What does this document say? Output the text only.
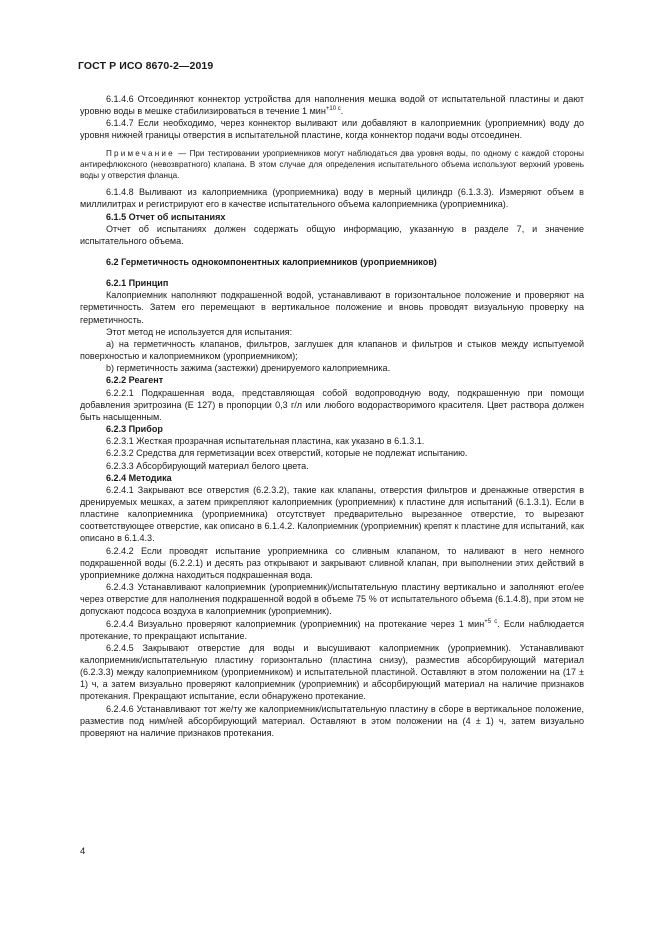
ГОСТ Р ИСО 8670-2—2019

6.1.4.6 Отсоединяют коннектор устройства для наполнения мешка водой от испытательной пластины и дают уровню воды в мешке стабилизироваться в течение 1 мин$^{+10 с}$.

6.1.4.7 Если необходимо, через коннектор выливают или добавляют в калоприемник (уроприемник) воду до уровня нижней границы отверстия в испытательной пластине, когда коннектор подачи воды отсоединен.

Примечание — При тестировании уроприемников могут наблюдаться два уровня воды, по одному с каждой стороны антирефлюксного (невозвратного) клапана. В этом случае для определения испытательного объема используют верхний уровень воды у отверстия фланца.

6.1.4.8 Выливают из калоприемника (уроприемника) воду в мерный цилиндр (6.1.3.3). Измеряют объем в миллилитрах и регистрируют его в качестве испытательного объема калоприемника (уроприемника).

6.1.5 Отчет об испытаниях

Отчет об испытаниях должен содержать общую информацию, указанную в разделе 7, и значение испытательного объема.

6.2 Герметичность однокомпонентных калоприемников (уроприемников)

6.2.1 Принцип

Калоприемник наполняют подкрашенной водой, устанавливают в горизонтальное положение и проверяют на герметичность. Затем его перемещают в вертикальное положение и вновь проводят визуальную проверку на герметичность.

Этот метод не используется для испытания:

а) на герметичность клапанов, фильтров, заглушек для клапанов и фильтров и стыков между испытуемой поверхностью и калоприемником (уроприемником);

b) герметичность зажима (застежки) дренируемого калоприемника.

6.2.2 Реагент

6.2.2.1 Подкрашенная вода, представляющая собой водопроводную воду, подкрашенную при помощи добавления эритрозина (Е 127) в пропорции 0,3 г/л или любого водорастворимого красителя. Цвет раствора должен быть насыщенным.

6.2.3 Прибор

6.2.3.1 Жесткая прозрачная испытательная пластина, как указано в 6.1.3.1.

6.2.3.2 Средства для герметизации всех отверстий, которые не подлежат испытанию.

6.2.3.3 Абсорбирующий материал белого цвета.

6.2.4 Методика

6.2.4.1 Закрывают все отверстия (6.2.3.2), такие как клапаны, отверстия фильтров и дренажные отверстия в дренируемых мешках, а затем прикрепляют калоприемник (уроприемник) к пластине для испытаний (6.1.3.1). Если в пластине калоприемника (уроприемника) отсутствует предварительно вырезанное отверстие, то вырезают соответствующее отверстие, как описано в 6.1.4.2. Калоприемник (уроприемник) крепят к пластине для испытаний, как описано в 6.1.4.3.

6.2.4.2 Если проводят испытание уроприемника со сливным клапаном, то наливают в него немного подкрашенной воды (6.2.2.1) и десять раз открывают и закрывают сливной клапан, при выполнении этих действий в уроприемнике должна находиться подкрашенная вода.

6.2.4.3 Устанавливают калоприемник (уроприемник)/испытательную пластину вертикально и заполняют его/ее через отверстие для наполнения подкрашенной водой в объеме 75 % от испытательного объема (6.1.4.8), при этом не допускают подсоса воздуха в калоприемник (уроприемник).

6.2.4.4 Визуально проверяют калоприемник (уроприемник) на протекание через 1 мин$^{+5 с}$. Если наблюдается протекание, то прекращают испытание.

6.2.4.5 Закрывают отверстие для воды и высушивают калоприемник (уроприемник). Устанавливают калоприемник/испытательную пластину горизонтально (пластина снизу), разместив абсорбирующий материал (6.2.3.3) между калоприемником (уроприемником) и испытательной пластиной. Оставляют в этом положении на (17 ± 1) ч, а затем визуально проверяют калоприемник (уроприемник) и абсорбирующий материал на наличие признаков протекания. Прекращают испытание, если обнаружено протекание.

6.2.4.6 Устанавливают тот же/ту же калоприемник/испытательную пластину в сборе в вертикальное положение, разместив под ним/ней абсорбирующий материал. Оставляют в этом положении на (4 ± 1) ч, затем визуально проверяют на наличие признаков протекания.

4
